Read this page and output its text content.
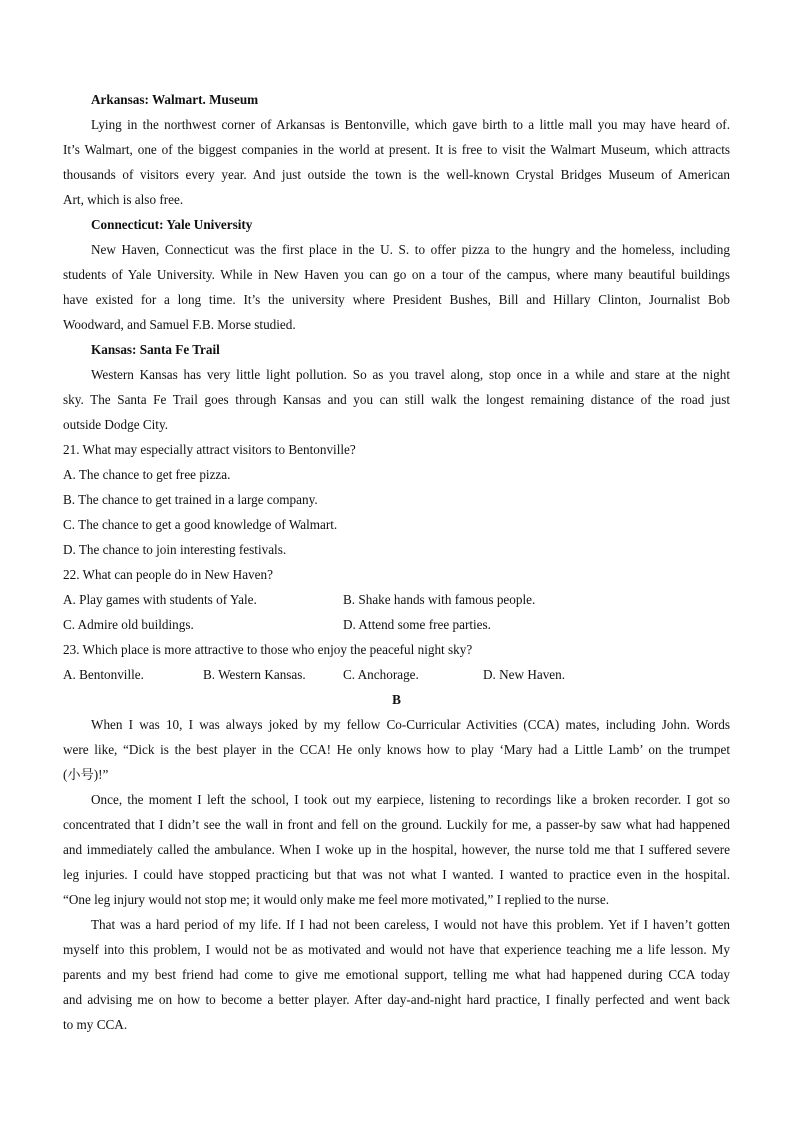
Arkansas: Walmart. Museum
Lying in the northwest corner of Arkansas is Bentonville, which gave birth to a little mall you may have heard of.
It’s Walmart, one of the biggest companies in the world at present. It is free to visit the Walmart Museum, which attracts
thousands of visitors every year. And just outside the town is the well-known Crystal Bridges Museum of American
Art, which is also free.
Connecticut: Yale University
New Haven, Connecticut was the first place in the U. S. to offer pizza to the hungry and the homeless, including
students of Yale University. While in New Haven you can go on a tour of the campus, where many beautiful buildings
have existed for a long time. It’s the university where President Bushes, Bill and Hillary Clinton, Journalist Bob
Woodward, and Samuel F.B. Morse studied.
Kansas: Santa Fe Trail
Western Kansas has very little light pollution. So as you travel along, stop once in a while and stare at the night
sky. The Santa Fe Trail goes through Kansas and you can still walk the longest remaining distance of the road just
outside Dodge City.
21. What may especially attract visitors to Bentonville?
A. The chance to get free pizza.
B. The chance to get trained in a large company.
C. The chance to get a good knowledge of Walmart.
D. The chance to join interesting festivals.
22. What can people do in New Haven?
A. Play games with students of Yale.	B. Shake hands with famous people.
C. Admire old buildings.	D. Attend some free parties.
23. Which place is more attractive to those who enjoy the peaceful night sky?
A. Bentonville.	B. Western Kansas.	C. Anchorage.	D. New Haven.
B
When I was 10, I was always joked by my fellow Co-Curricular Activities (CCA) mates, including John. Words
were like, “Dick is the best player in the CCA! He only knows how to play ‘Mary had a Little Lamb’ on the trumpet
(小号)!”
Once, the moment I left the school, I took out my earpiece, listening to recordings like a broken recorder. I got so
concentrated that I didn’t see the wall in front and fell on the ground. Luckily for me, a passer-by saw what had happened
and immediately called the ambulance. When I woke up in the hospital, however, the nurse told me that I suffered severe
leg injuries. I could have stopped practicing but that was not what I wanted. I wanted to practice even in the hospital.
“One leg injury would not stop me; it would only make me feel more motivated,” I replied to the nurse.
That was a hard period of my life. If I had not been careless, I would not have this problem. Yet if I haven’t gotten
myself into this problem, I would not be as motivated and would not have that experience teaching me a life lesson. My
parents and my best friend had come to give me emotional support, telling me what had happened during CCA today
and advising me on how to become a better player. After day-and-night hard practice, I finally perfected and went back
to my CCA.
